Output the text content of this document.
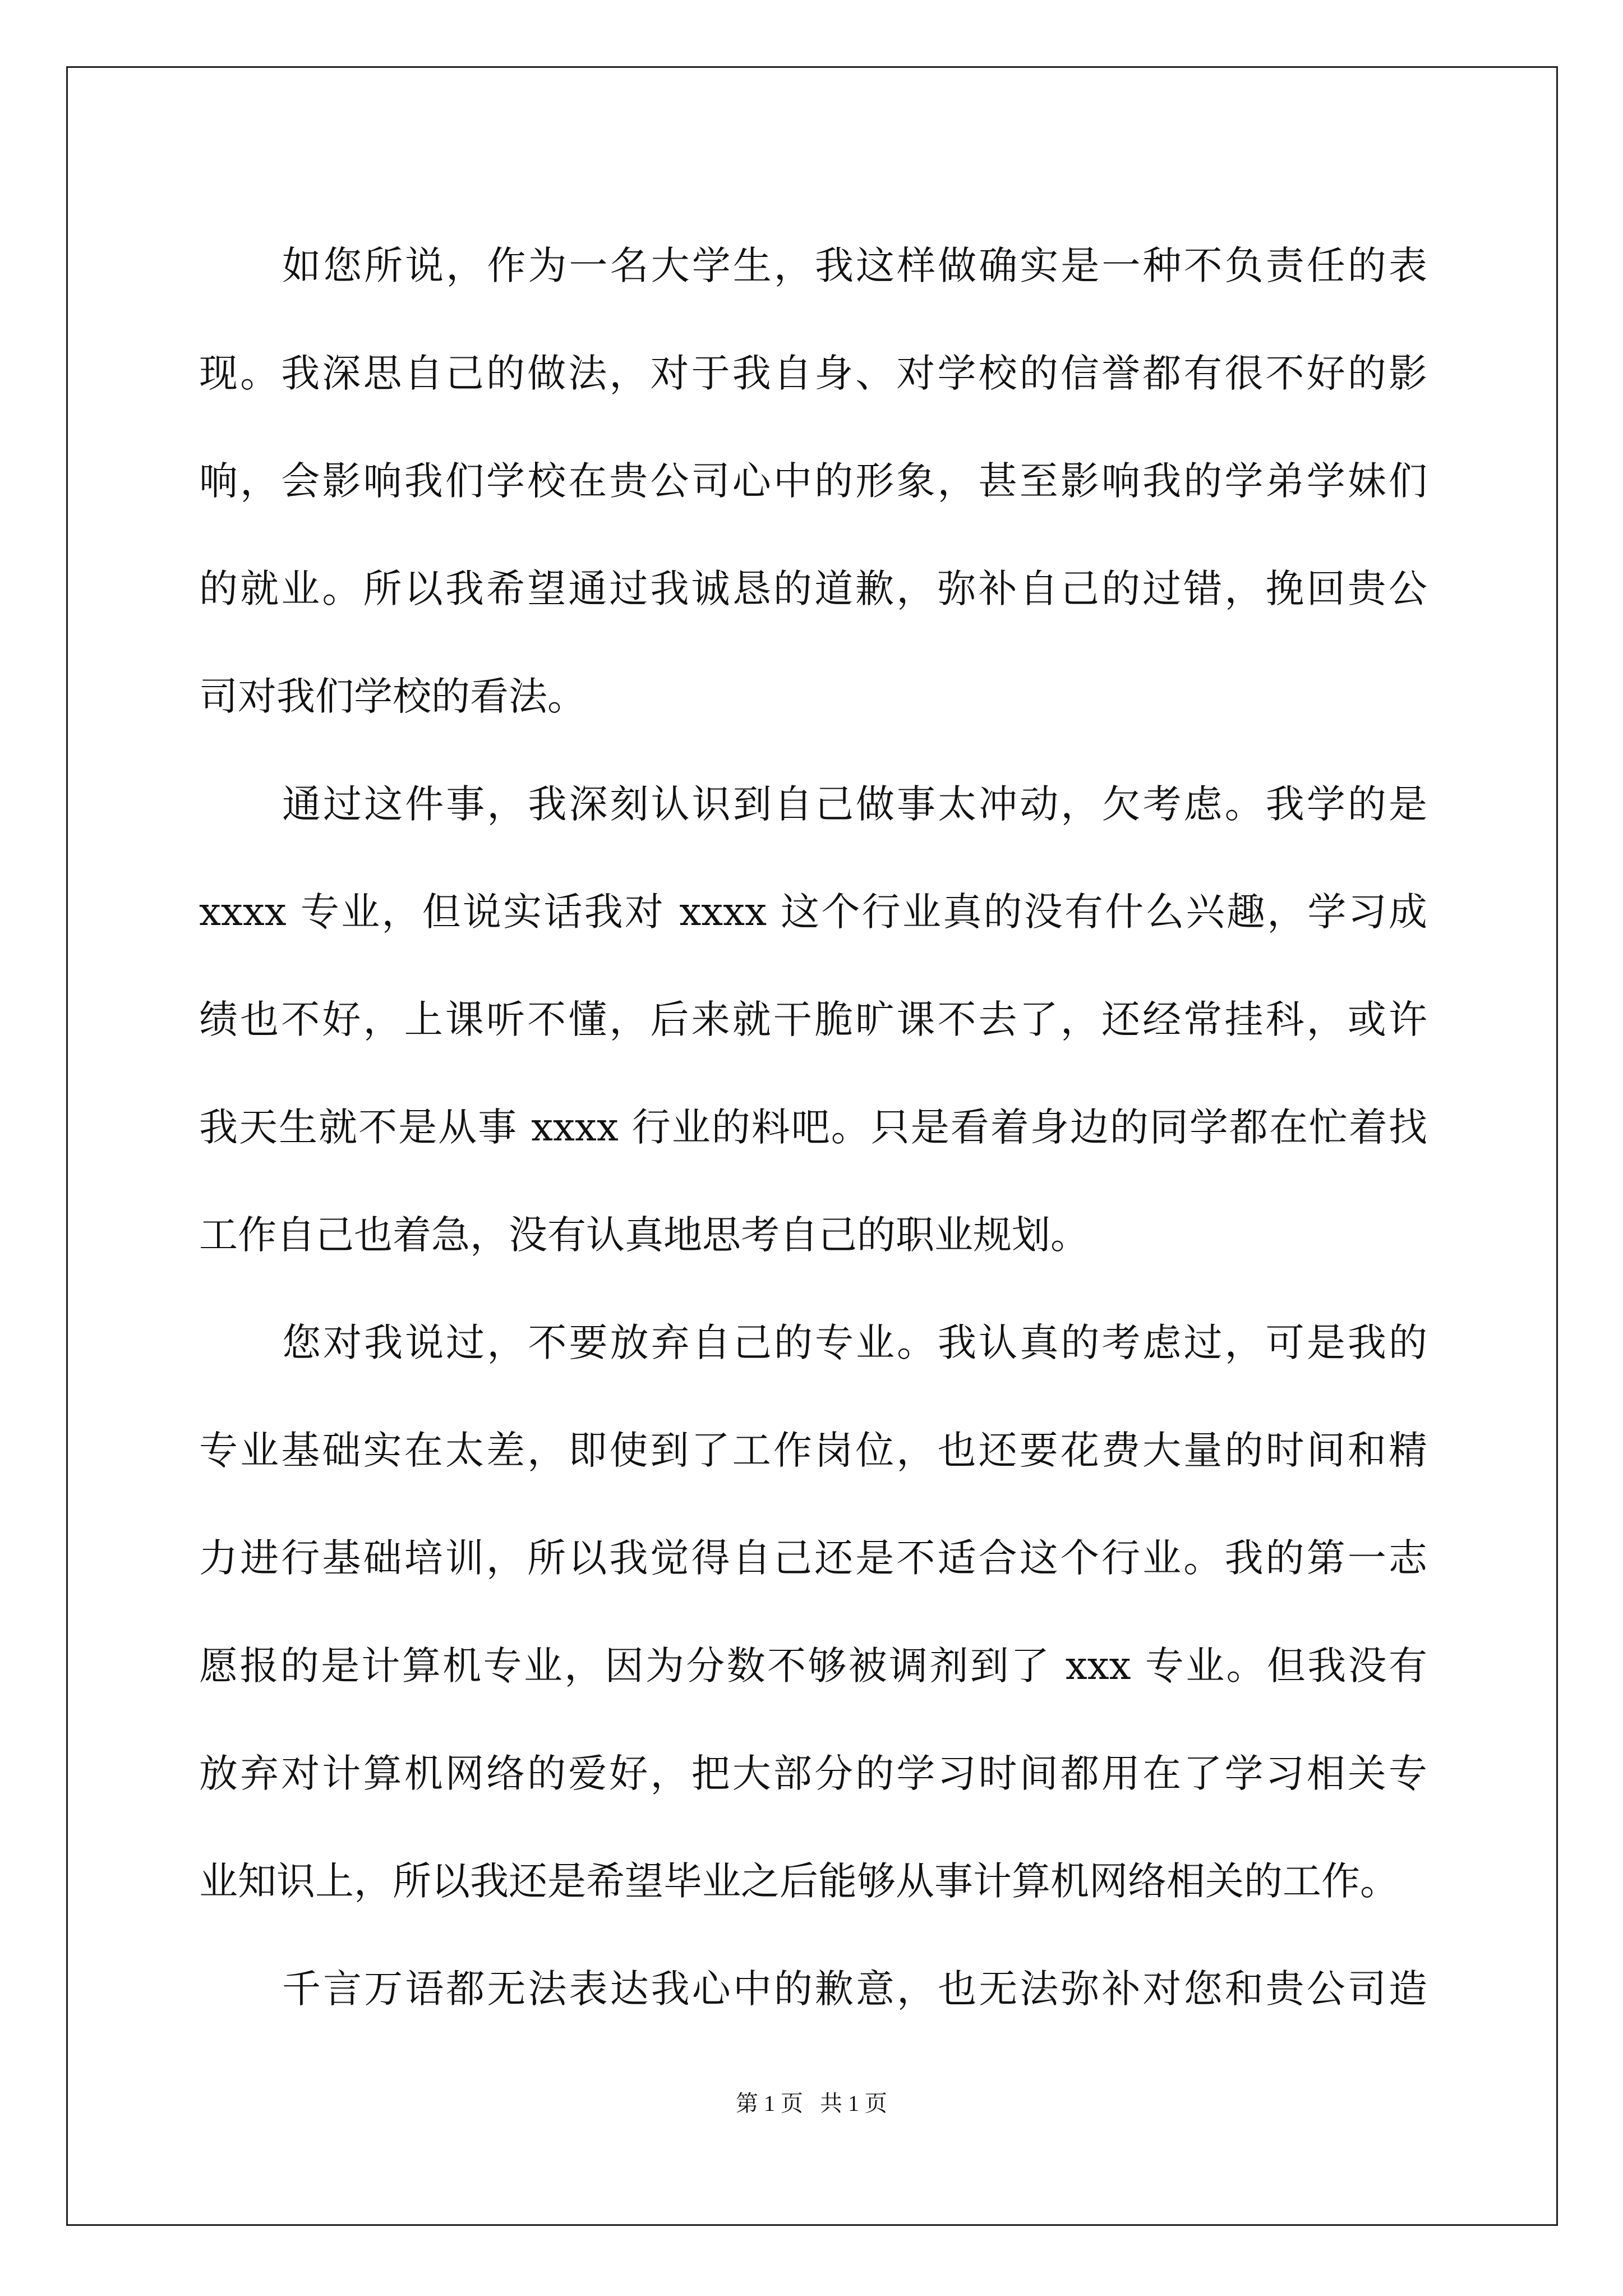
如您所说，作为一名大学生，我这样做确实是一种不负责任的表
现。我深思自己的做法，对于我自身、对学校的信誉都有很不好的影
响，会影响我们学校在贵公司心中的形象，甚至影响我的学弟学妹们
的就业。所以我希望通过我诚恳的道歉，弥补自己的过错，挽回贵公
司对我们学校的看法。
通过这件事，我深刻认识到自己做事太冲动，欠考虑。我学的是
xxxx 专业，但说实话我对 xxxx 这个行业真的没有什么兴趣，学习成
绩也不好，上课听不懂，后来就干脆旷课不去了，还经常挂科，或许
我天生就不是从事 xxxx 行业的料吧。只是看着身边的同学都在忙着找
工作自己也着急，没有认真地思考自己的职业规划。
您对我说过，不要放弃自己的专业。我认真的考虑过，可是我的
专业基础实在太差，即使到了工作岗位，也还要花费大量的时间和精
力进行基础培训，所以我觉得自己还是不适合这个行业。我的第一志
愿报的是计算机专业，因为分数不够被调剂到了 xxx 专业。但我没有
放弃对计算机网络的爱好，把大部分的学习时间都用在了学习相关专
业知识上，所以我还是希望毕业之后能够从事计算机网络相关的工作。
千言万语都无法表达我心中的歉意，也无法弥补对您和贵公司造
第 1 页   共 1 页
